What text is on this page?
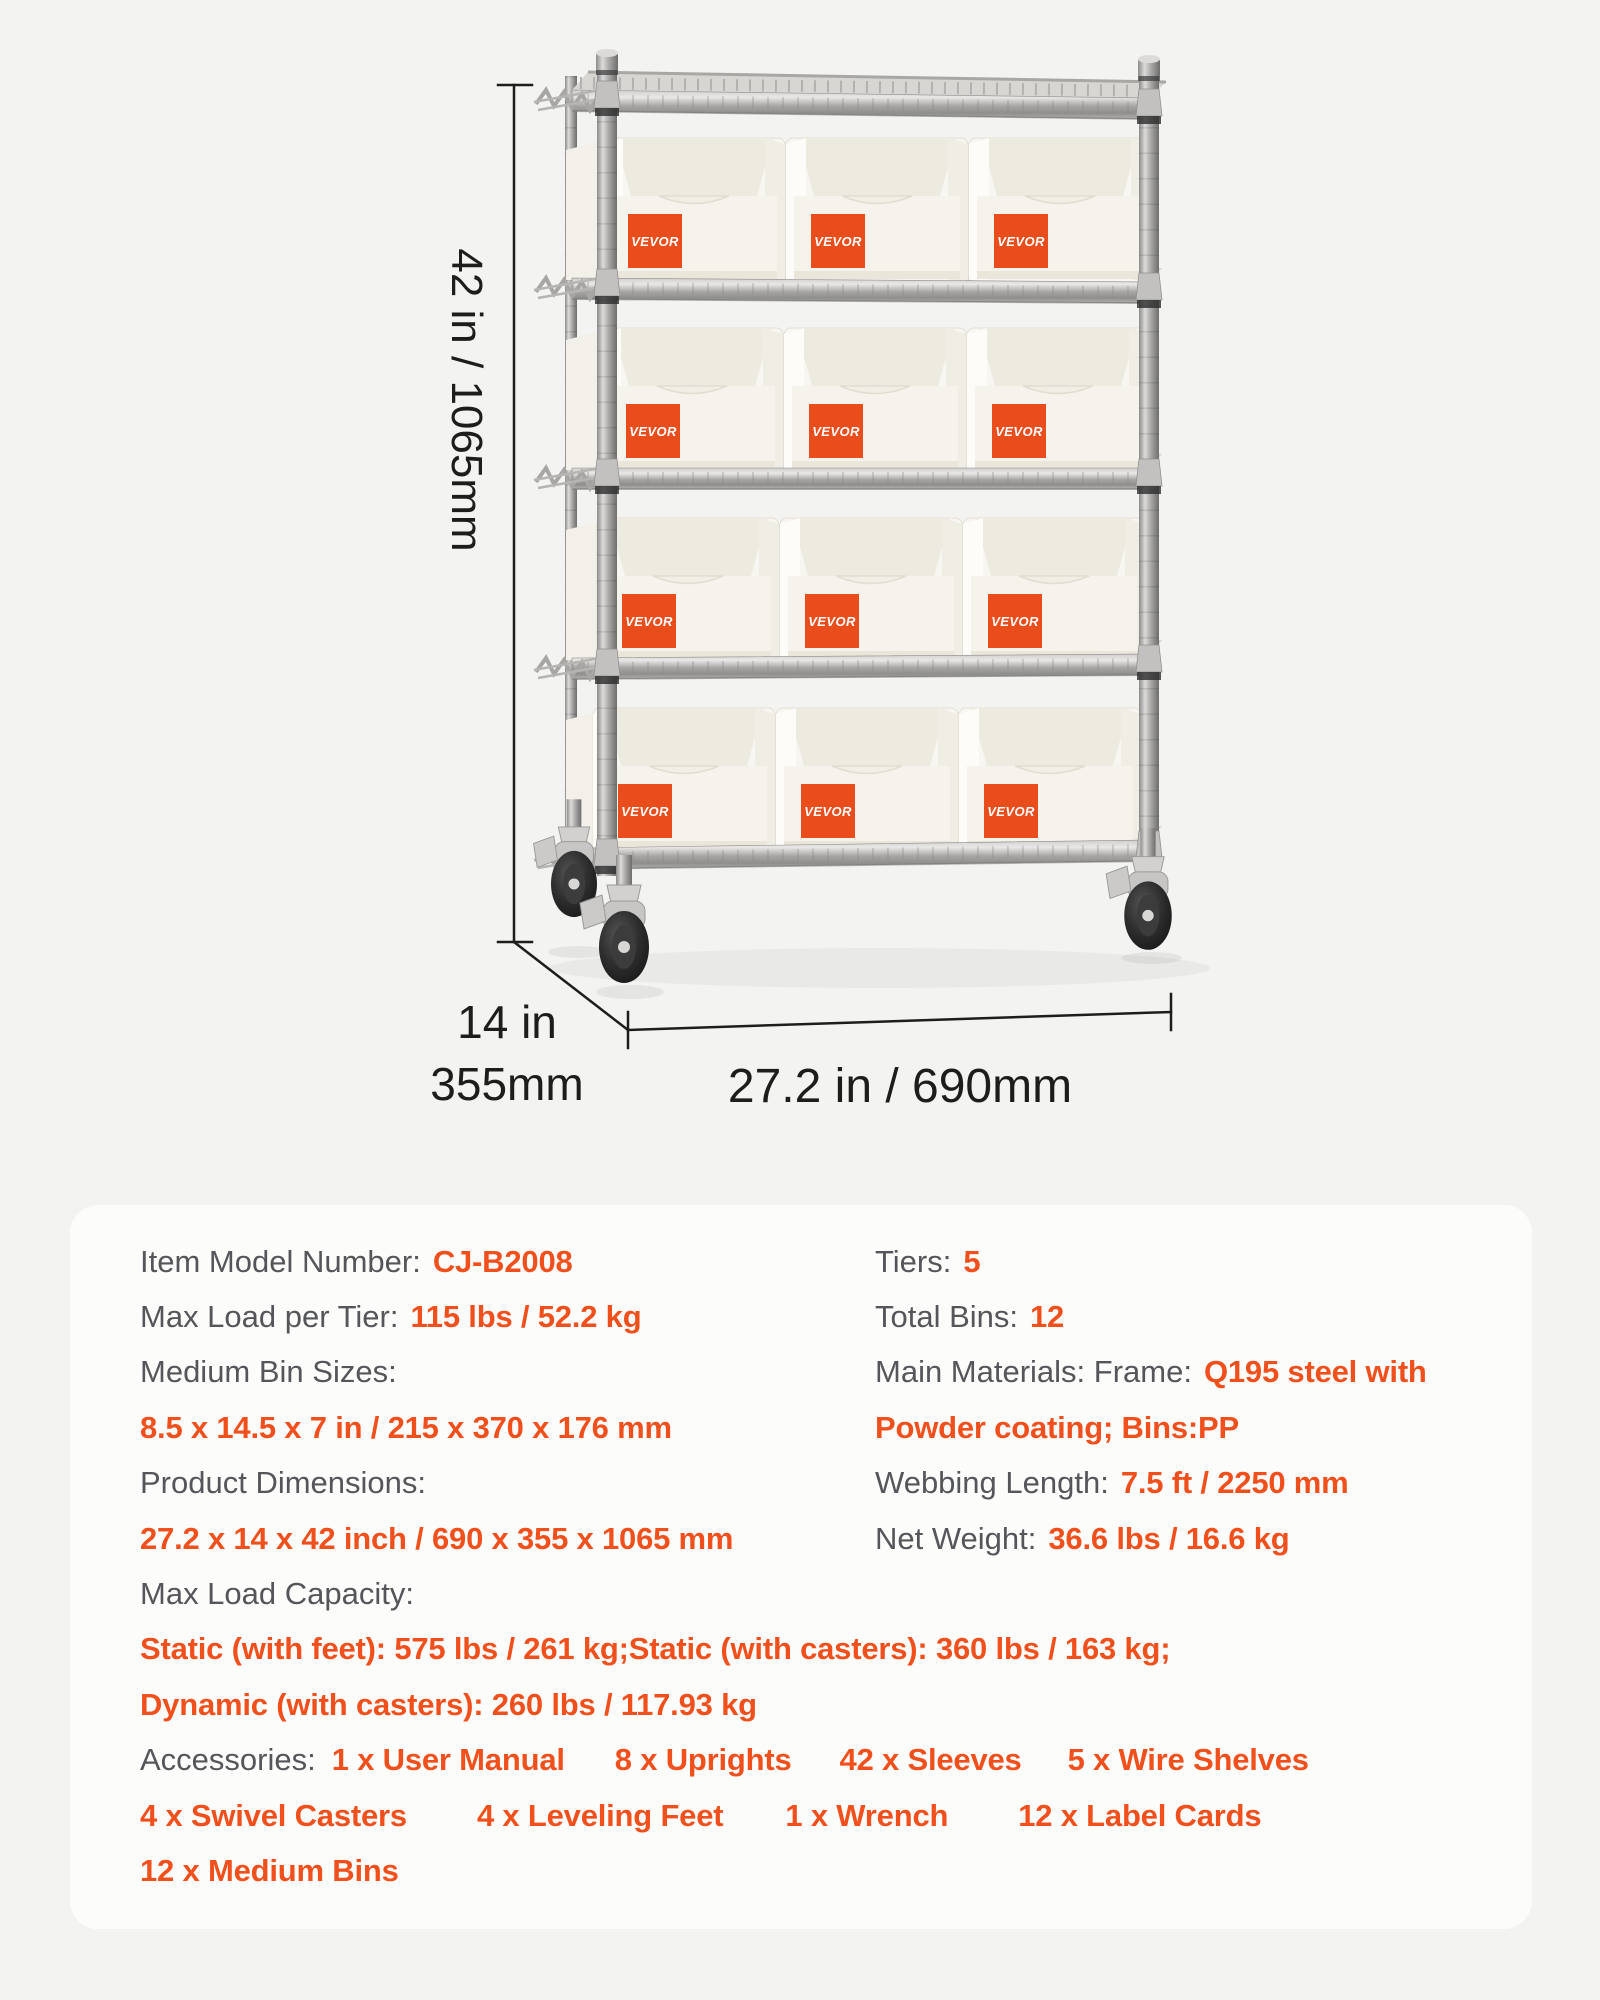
VEVOR	VEVOR	VEVOR
VEVOR	VEVOR	VEVOR
VEVOR	VEVOR	VEVOR
VEVOR	VEVOR	VEVOR
42 in / 1065mm
14 in
355mm	27.2 in / 690mm
Item Model Number: CJ-B2008
Max Load per Tier: 115 lbs / 52.2 kg
Medium Bin Sizes:
8.5 x 14.5 x 7 in / 215 x 370 x 176 mm
Product Dimensions:
27.2 x 14 x 42 inch / 690 x 355 x 1065 mm
Max Load Capacity:
Static (with feet): 575 lbs / 261 kg;Static (with casters): 360 lbs / 163 kg;
Dynamic (with casters): 260 lbs / 117.93 kg
Accessories: 1 x User Manual 8 x Uprights 42 x Sleeves 5 x Wire Shelves
4 x Swivel Casters 4 x Leveling Feet 1 x Wrench 12 x Label Cards
12 x Medium Bins
Tiers: 5
Total Bins: 12
Main Materials: Frame: Q195 steel with
Powder coating; Bins:PP
Webbing Length: 7.5 ft / 2250 mm
Net Weight: 36.6 lbs / 16.6 kg
